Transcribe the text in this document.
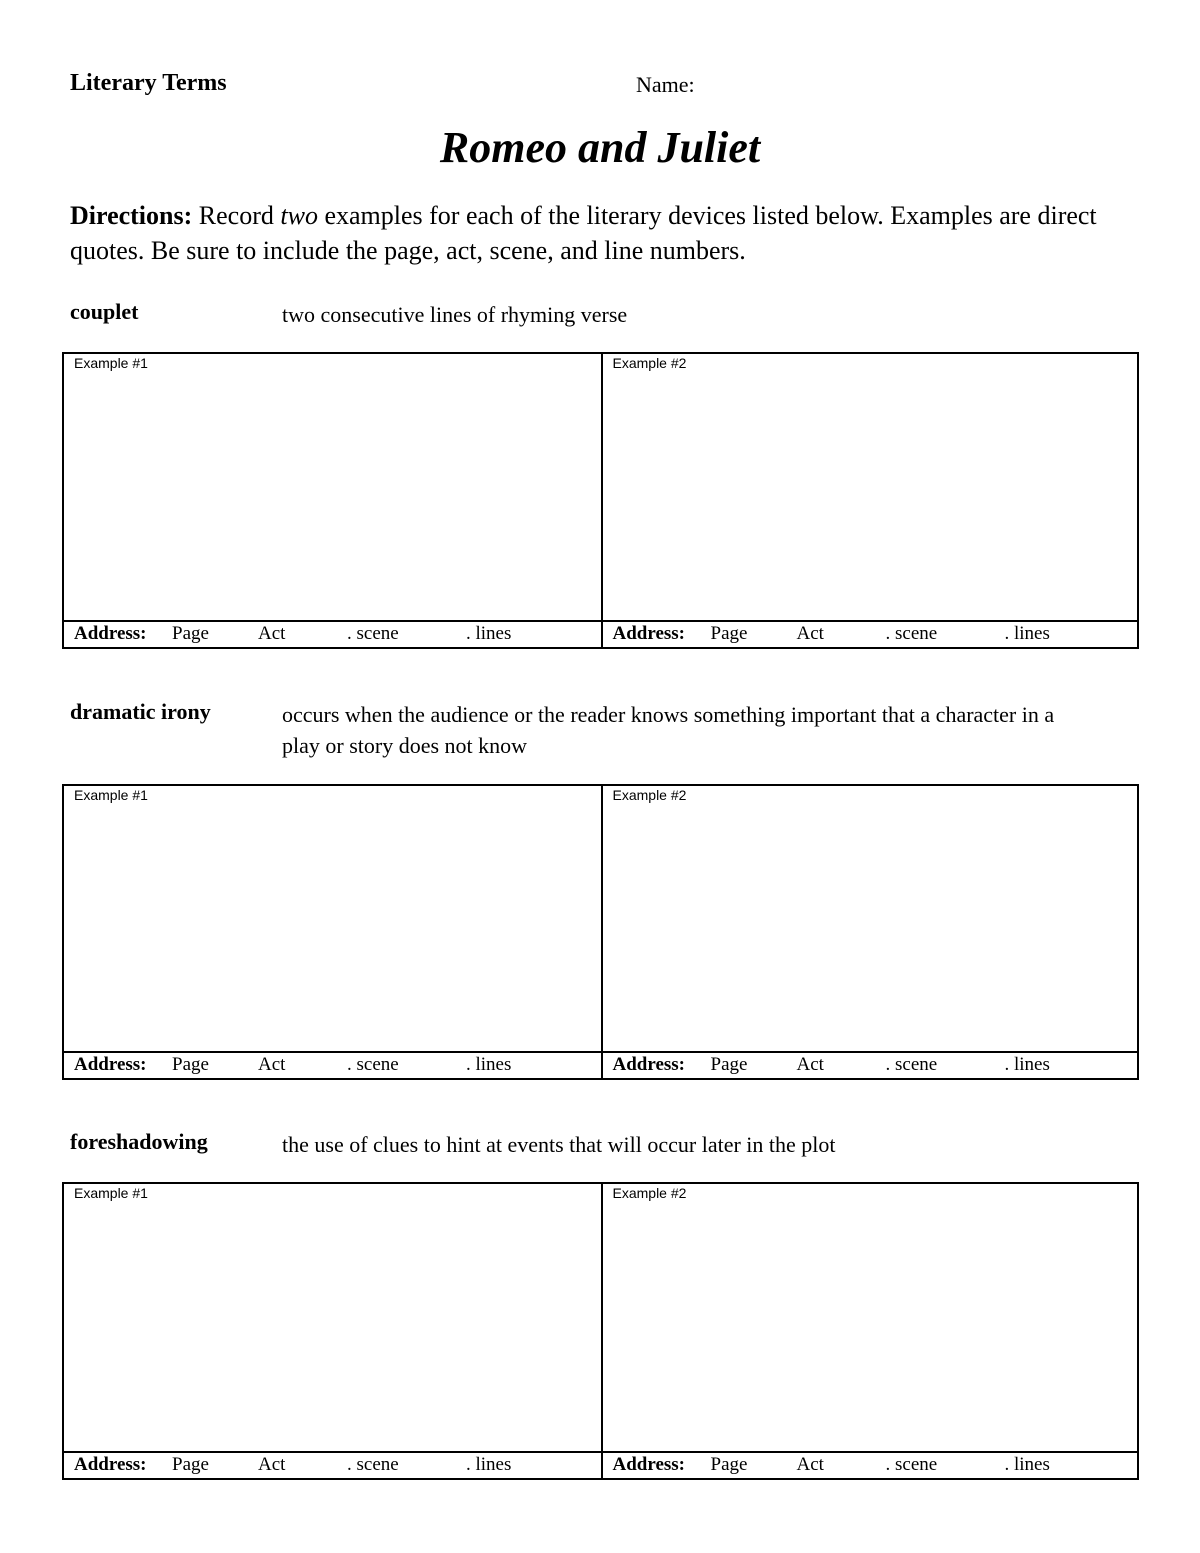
Literary Terms	Name:
Romeo and Juliet
Directions: Record two examples for each of the literary devices listed below. Examples are direct quotes. Be sure to include the page, act, scene, and line numbers.
couplet	two consecutive lines of rhyming verse
Example #1
Address: Page	Act	. scene	. lines
Example #2
Address: Page	Act	. scene	. lines
dramatic irony	occurs when the audience or the reader knows something important that a character in a play or story does not know
Example #1
Address: Page	Act	. scene	. lines
Example #2
Address: Page	Act	. scene	. lines
foreshadowing	the use of clues to hint at events that will occur later in the plot
Example #1
Address: Page	Act	. scene	. lines
Example #2
Address: Page	Act	. scene	. lines
